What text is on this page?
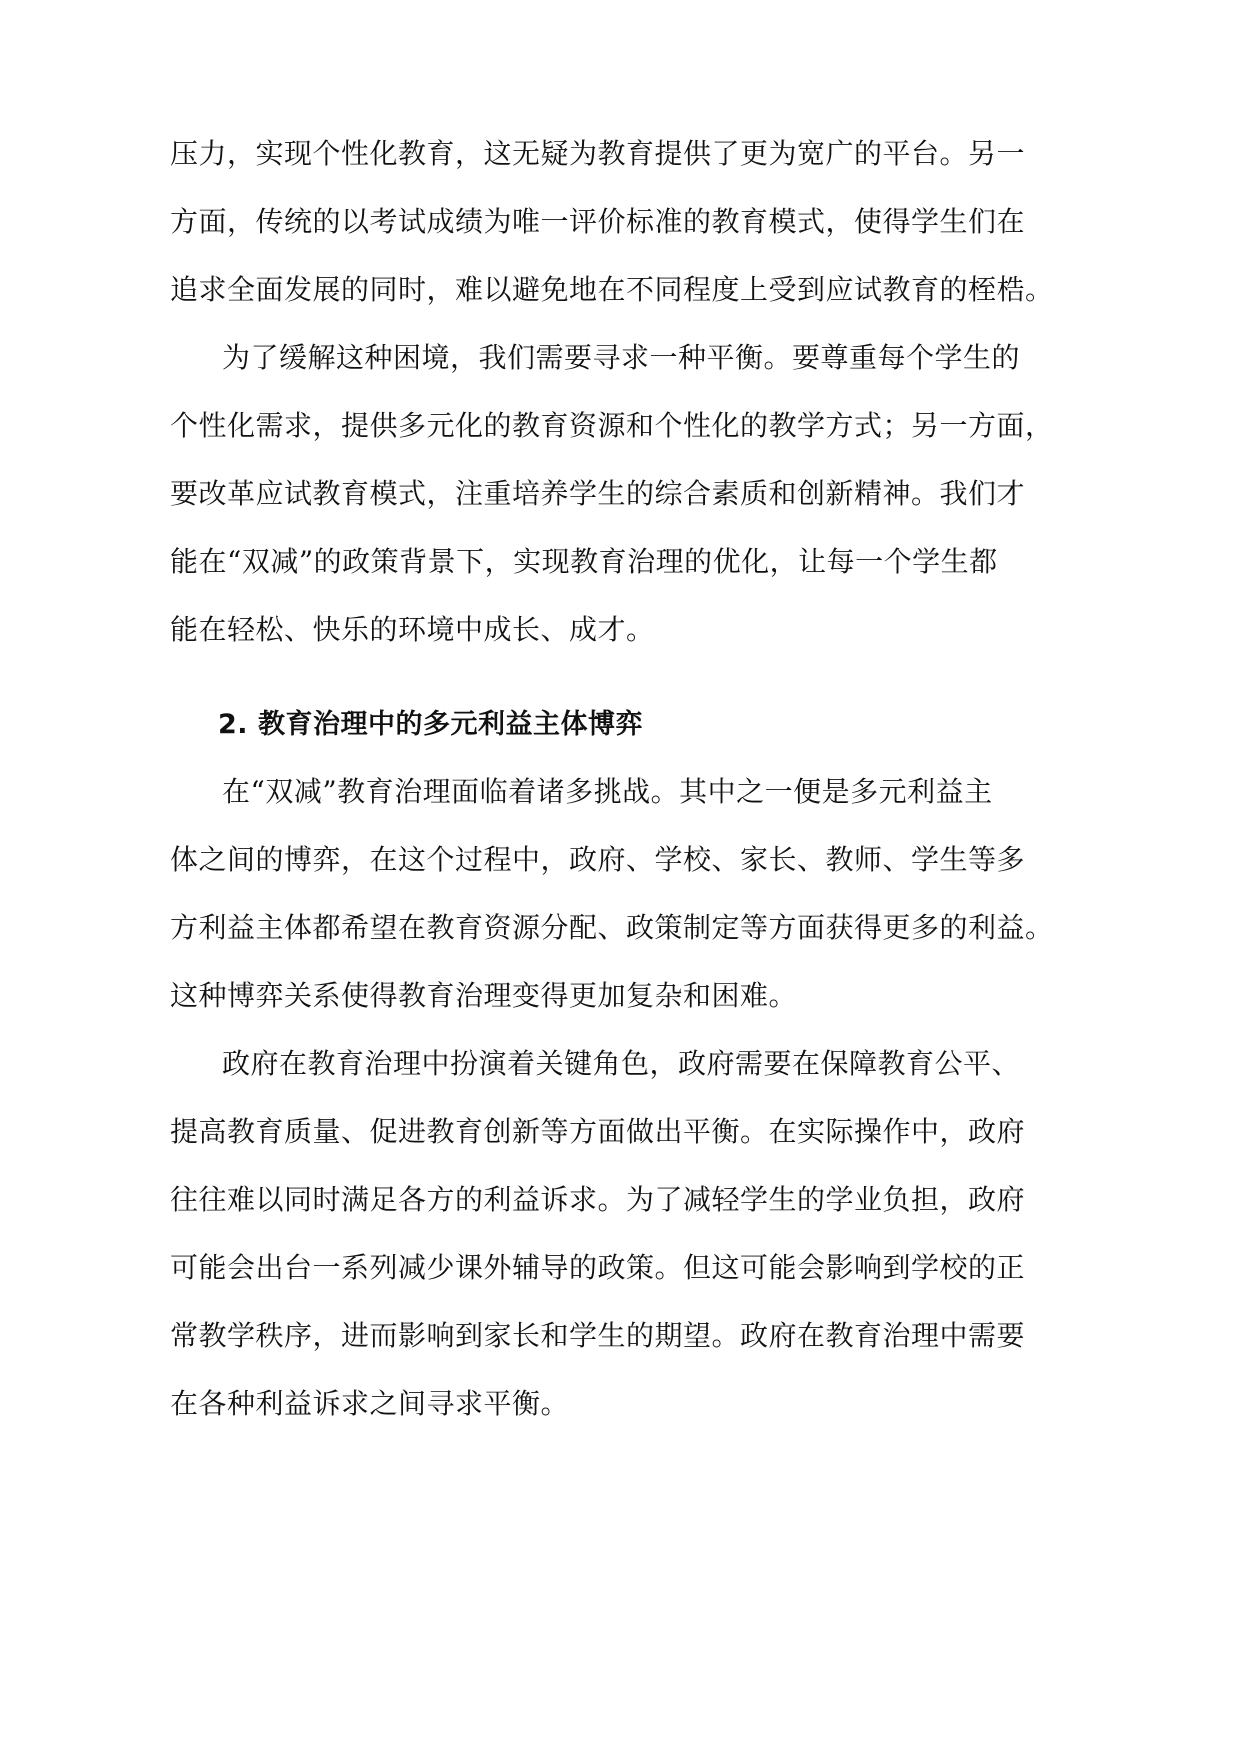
压力，实现个性化教育，这无疑为教育提供了更为宽广的平台。另一
方面，传统的以考试成绩为唯一评价标准的教育模式，使得学生们在
追求全面发展的同时，难以避免地在不同程度上受到应试教育的桎梏。
为了缓解这种困境，我们需要寻求一种平衡。要尊重每个学生的
个性化需求，提供多元化的教育资源和个性化的教学方式；另一方面，
要改革应试教育模式，注重培养学生的综合素质和创新精神。我们才
能在“双减”的政策背景下，实现教育治理的优化，让每一个学生都
能在轻松、快乐的环境中成长、成才。
2. 教育治理中的多元利益主体博弈
在“双减”教育治理面临着诸多挑战。其中之一便是多元利益主
体之间的博弈，在这个过程中，政府、学校、家长、教师、学生等多
方利益主体都希望在教育资源分配、政策制定等方面获得更多的利益。
这种博弈关系使得教育治理变得更加复杂和困难。
政府在教育治理中扮演着关键角色，政府需要在保障教育公平、
提高教育质量、促进教育创新等方面做出平衡。在实际操作中，政府
往往难以同时满足各方的利益诉求。为了减轻学生的学业负担，政府
可能会出台一系列减少课外辅导的政策。但这可能会影响到学校的正
常教学秩序，进而影响到家长和学生的期望。政府在教育治理中需要
在各种利益诉求之间寻求平衡。
